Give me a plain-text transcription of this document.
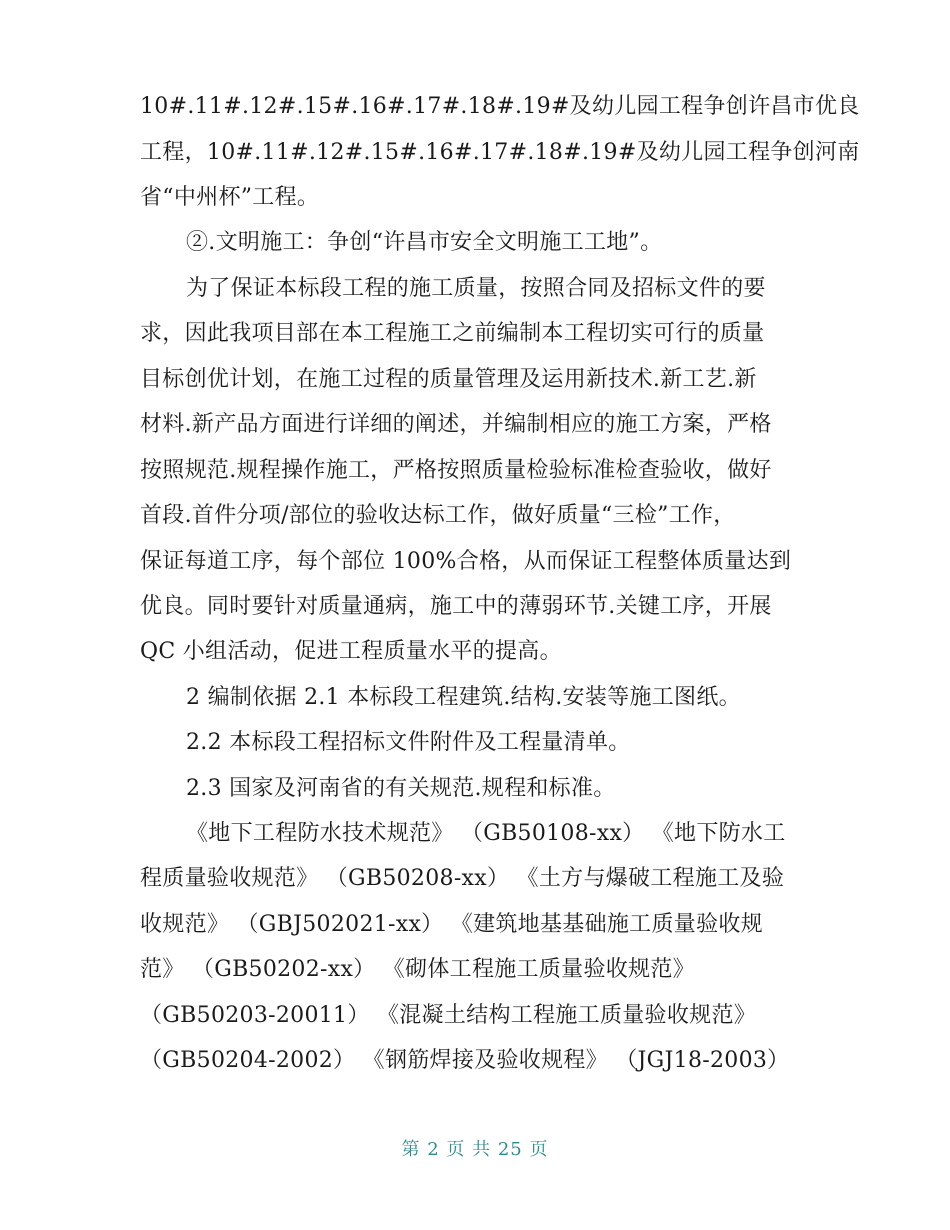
10#.11#.12#.15#.16#.17#.18#.19#及幼儿园工程争创许昌市优良
工程，10#.11#.12#.15#.16#.17#.18#.19#及幼儿园工程争创河南
省“中州杯”工程。
②.文明施工：争创“许昌市安全文明施工工地”。
为了保证本标段工程的施工质量，按照合同及招标文件的要
求，因此我项目部在本工程施工之前编制本工程切实可行的质量
目标创优计划，在施工过程的质量管理及运用新技术.新工艺.新
材料.新产品方面进行详细的阐述，并编制相应的施工方案，严格
按照规范.规程操作施工，严格按照质量检验标准检查验收，做好
首段.首件分项/部位的验收达标工作，做好质量“三检”工作，
保证每道工序，每个部位 100%合格，从而保证工程整体质量达到
优良。同时要针对质量通病，施工中的薄弱环节.关键工序，开展
QC 小组活动，促进工程质量水平的提高。
2 编制依据 2.1 本标段工程建筑.结构.安装等施工图纸。
2.2 本标段工程招标文件附件及工程量清单。
2.3 国家及河南省的有关规范.规程和标准。
《地下工程防水技术规范》 （GB50108-xx） 《地下防水工
程质量验收规范》 （GB50208-xx） 《土方与爆破工程施工及验
收规范》 （GBJ502021-xx） 《建筑地基基础施工质量验收规
范》 （GB50202-xx） 《砌体工程施工质量验收规范》
（GB50203-20011） 《混凝土结构工程施工质量验收规范》
（GB50204-2002） 《钢筋焊接及验收规程》 （JGJ18-2003）
第 2 页 共 25 页
